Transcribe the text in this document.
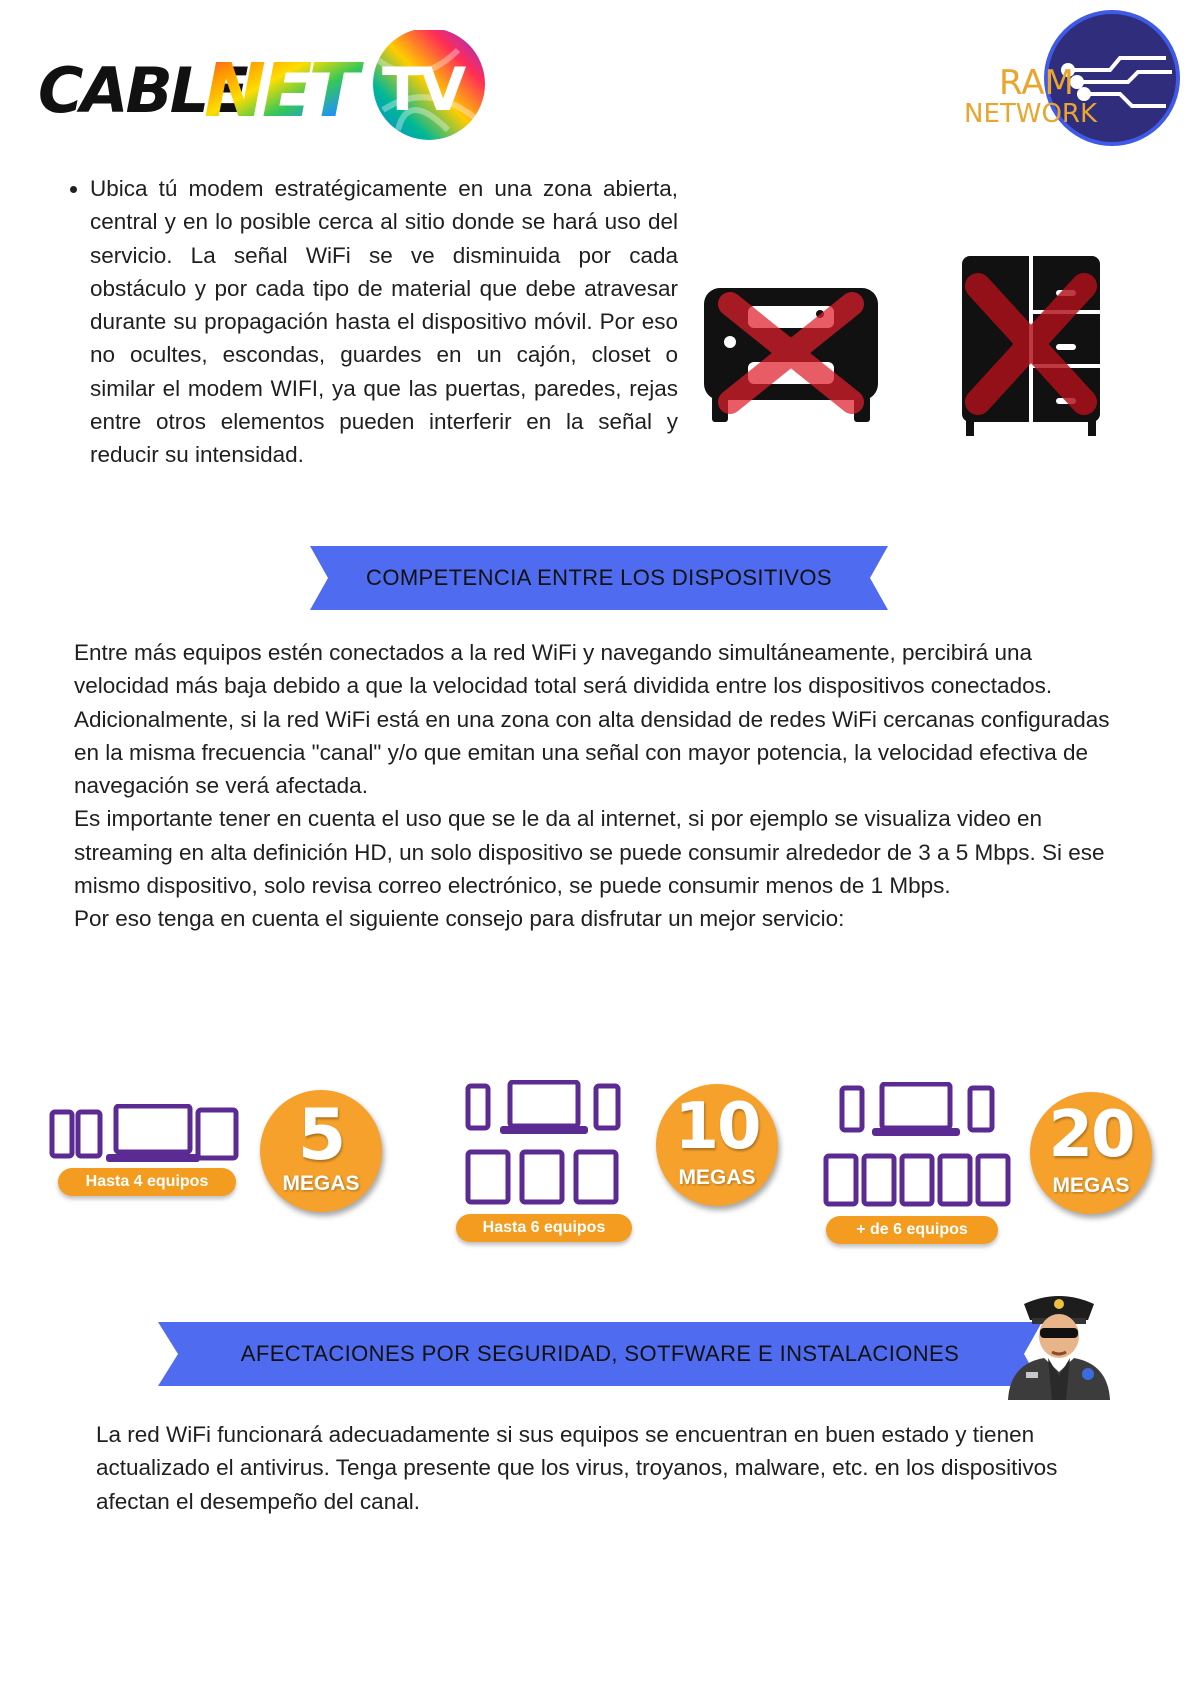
CABLE
NET TV	RAM
NETWORK
• Ubica tú modem estratégicamente en una zona abierta, central y en lo posible cerca al sitio donde se hará uso del servicio. La señal WiFi se ve disminuida por cada obstáculo y por cada tipo de material que debe atravesar durante su propagación hasta el dispositivo móvil. Por eso no ocultes, escondas, guardes en un cajón, closet o similar el modem WIFI, ya que las puertas, paredes, rejas entre otros elementos pueden interferir en la señal y reducir su intensidad.
COMPETENCIA ENTRE LOS DISPOSITIVOS
Entre más equipos estén conectados a la red WiFi y navegando simultáneamente, percibirá una velocidad más baja debido a que la velocidad total será dividida entre los dispositivos conectados.
Adicionalmente, si la red WiFi está en una zona con alta densidad de redes WiFi cercanas configuradas en la misma frecuencia "canal" y/o que emitan una señal con mayor potencia, la velocidad efectiva de navegación se verá afectada.
Es importante tener en cuenta el uso que se le da al internet, si por ejemplo se visualiza video en streaming en alta definición HD, un solo dispositivo se puede consumir alrededor de 3 a 5 Mbps. Si ese mismo dispositivo, solo revisa correo electrónico, se puede consumir menos de 1 Mbps.
Por eso tenga en cuenta el siguiente consejo para disfrutar un mejor servicio:
Hasta 4 equipos
5
MEGAS
Hasta 6 equipos
10
MEGAS
+ de 6 equipos
20
MEGAS
AFECTACIONES POR SEGURIDAD, SOTFWARE E INSTALACIONES
La red WiFi funcionará adecuadamente si sus equipos se encuentran en buen estado y tienen actualizado el antivirus. Tenga presente que los virus, troyanos, malware, etc. en los dispositivos afectan el desempeño del canal.
